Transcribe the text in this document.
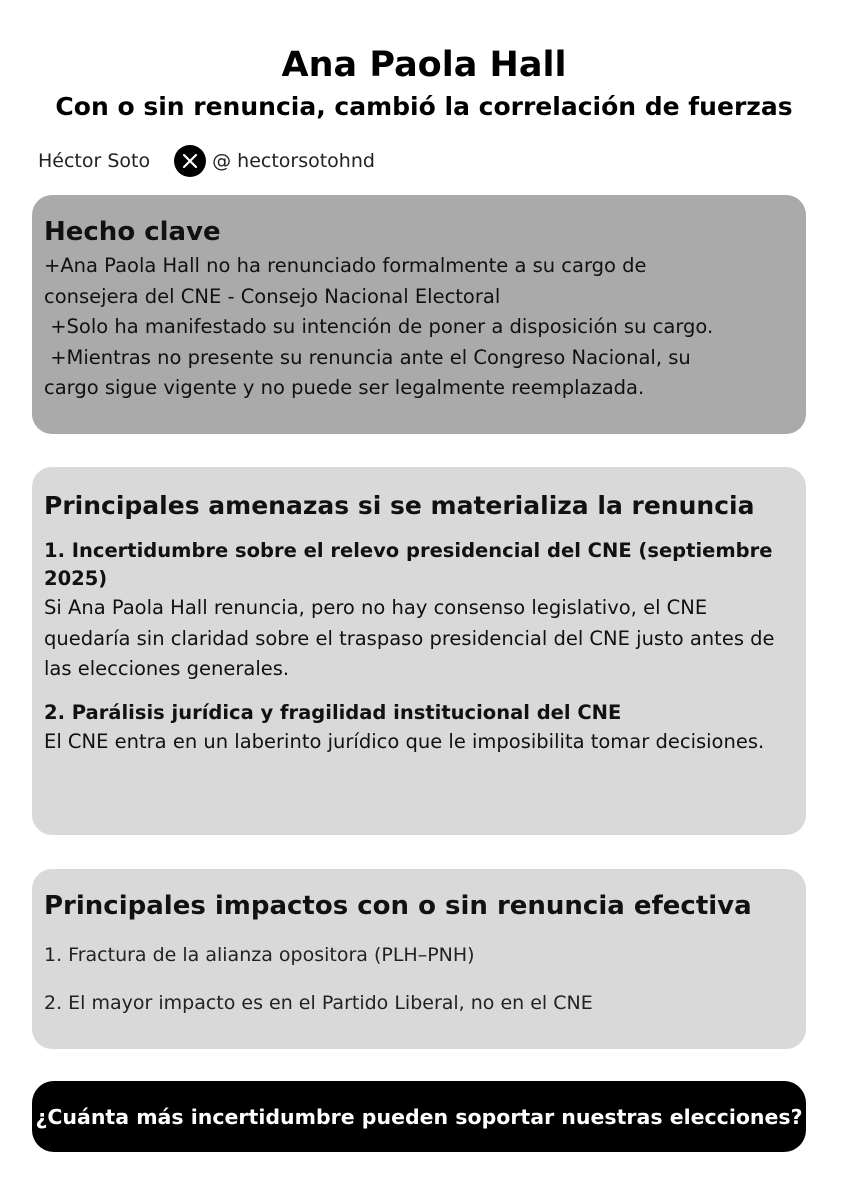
Ana Paola Hall
Con o sin renuncia, cambió la correlación de fuerzas
Héctor Soto	@ hectorsotohnd
Hecho clave
+Ana Paola Hall no ha renunciado formalmente a su cargo de
consejera del CNE - Consejo Nacional Electoral
+Solo ha manifestado su intención de poner a disposición su cargo.
+Mientras no presente su renuncia ante el Congreso Nacional, su
cargo sigue vigente y no puede ser legalmente reemplazada.
Principales amenazas si se materializa la renuncia
1. Incertidumbre sobre el relevo presidencial del CNE (septiembre 2025)
Si Ana Paola Hall renuncia, pero no hay consenso legislativo, el CNE quedaría sin claridad sobre el traspaso presidencial del CNE justo antes de las elecciones generales.
2. Parálisis jurídica y fragilidad institucional del CNE
El CNE entra en un laberinto jurídico que le imposibilita tomar decisiones.
Principales impactos con o sin renuncia efectiva
1. Fractura de la alianza opositora (PLH–PNH)
2. El mayor impacto es en el Partido Liberal, no en el CNE
¿Cuánta más incertidumbre pueden soportar nuestras elecciones?
